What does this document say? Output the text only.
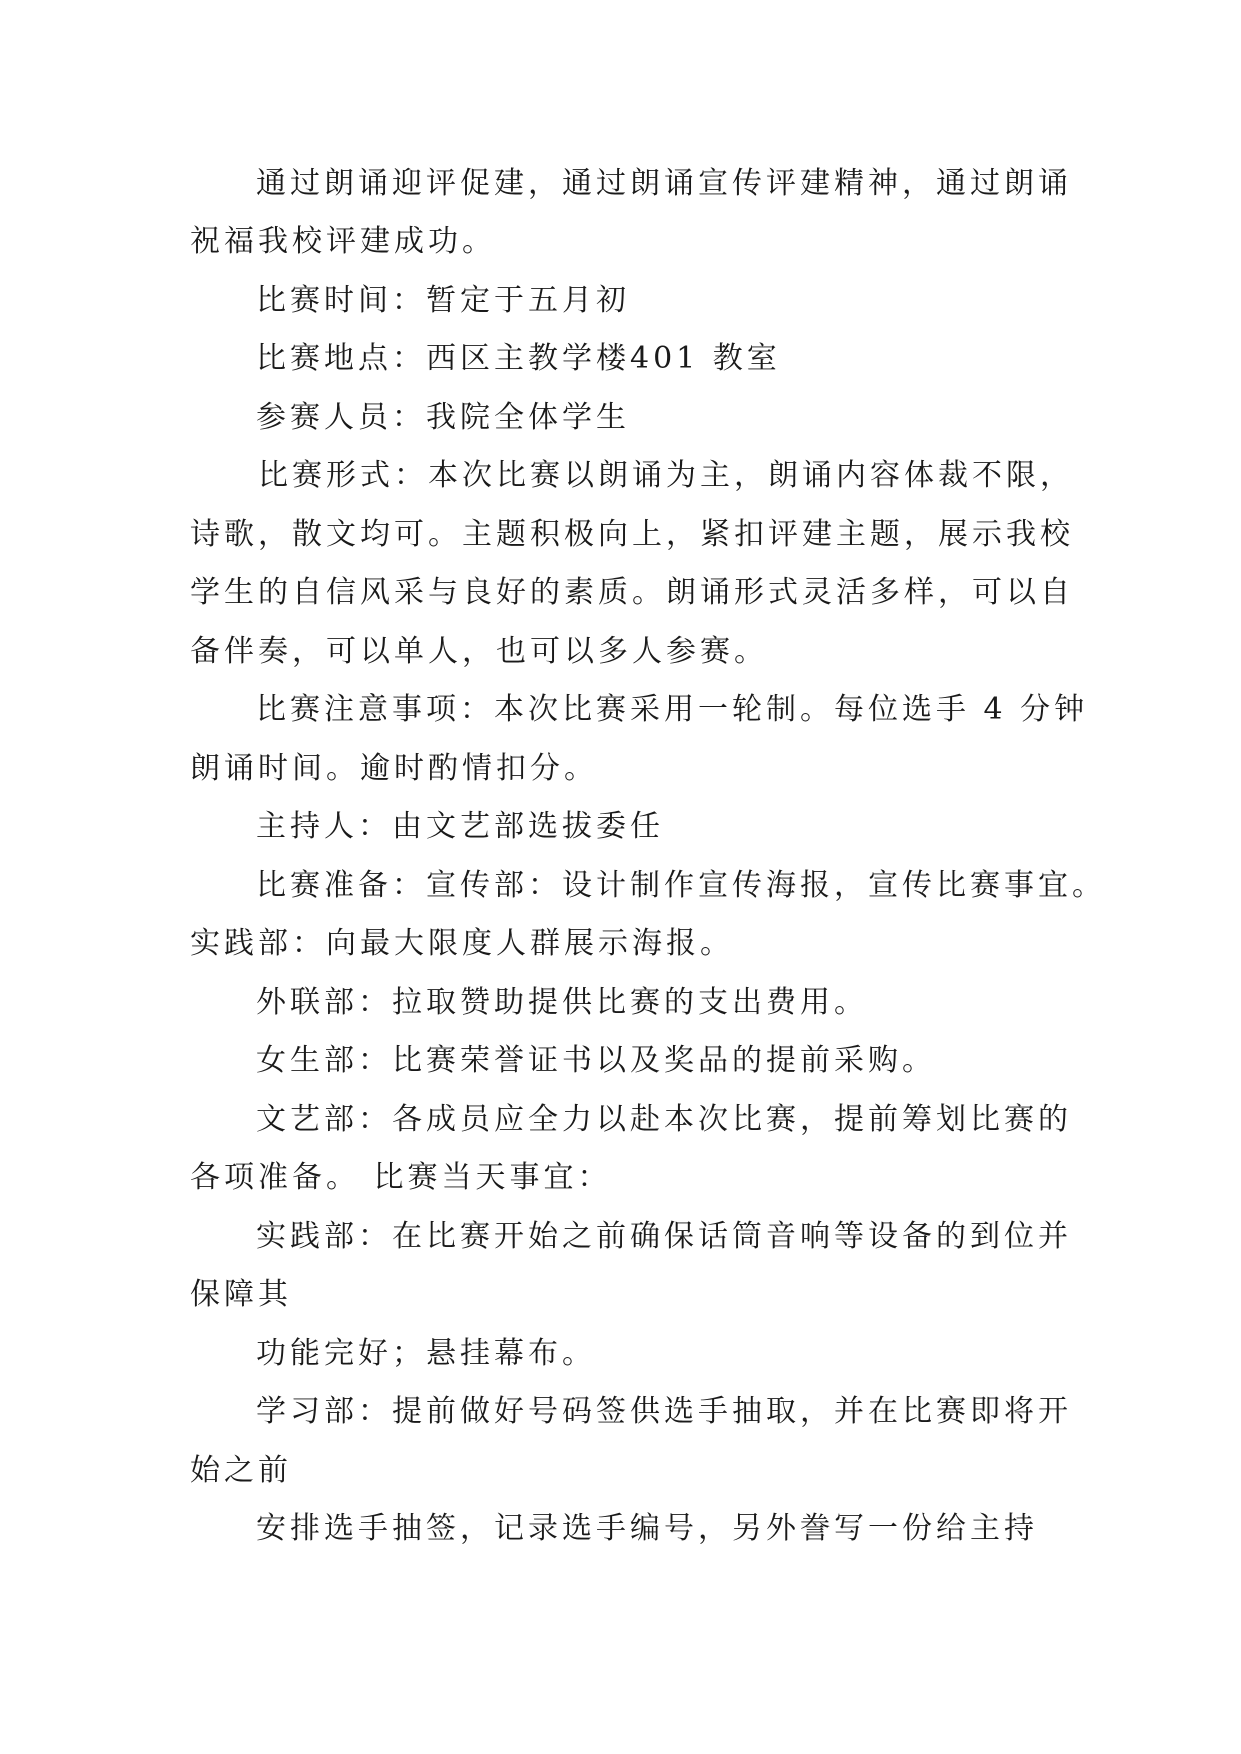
通过朗诵迎评促建，通过朗诵宣传评建精神，通过朗诵

祝福我校评建成功。

比赛时间：暂定于五月初

比赛地点：西区主教学楼401 教室

参赛人员：我院全体学生

比赛形式：本次比赛以朗诵为主，朗诵内容体裁不限，

诗歌，散文均可。主题积极向上，紧扣评建主题，展示我校

学生的自信风采与良好的素质。朗诵形式灵活多样，可以自

备伴奏，可以单人，也可以多人参赛。

比赛注意事项：本次比赛采用一轮制。每位选手 4 分钟

朗诵时间。逾时酌情扣分。

主持人：由文艺部选拔委任

比赛准备：宣传部：设计制作宣传海报，宣传比赛事宜。

实践部：向最大限度人群展示海报。

外联部：拉取赞助提供比赛的支出费用。

女生部：比赛荣誉证书以及奖品的提前采购。

文艺部：各成员应全力以赴本次比赛，提前筹划比赛的

各项准备。 比赛当天事宜：

实践部：在比赛开始之前确保话筒音响等设备的到位并

保障其

功能完好；悬挂幕布。

学习部：提前做好号码签供选手抽取，并在比赛即将开

始之前

安排选手抽签，记录选手编号，另外誊写一份给主持
